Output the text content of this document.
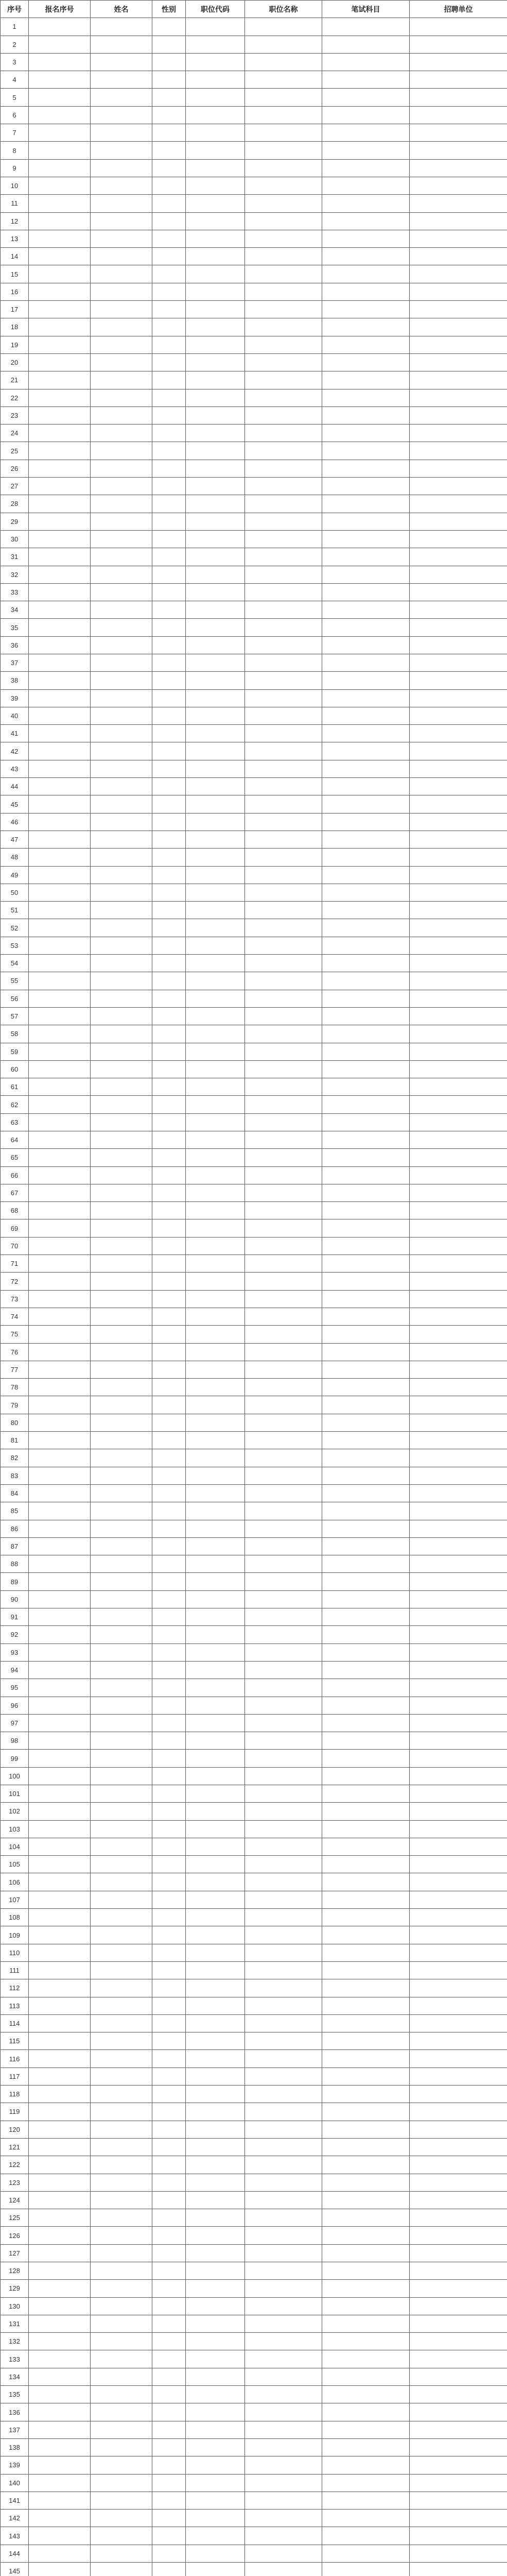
序号	报名序号	姓名	性别	职位代码	职位名称	笔试科目	招聘单位
1							
2							
3							
4							
5							
6							
7							
8							
9							
10							
11							
12							
13							
14							
15							
16							
17							
18							
19							
20							
21							
22							
23							
24							
25							
26							
27							
28							
29							
30							
31							
32							
33							
34							
35							
36							
37							
38							
39							
40							
41							
42							
43							
44							
45							
46							
47							
48							
49							
50							
51							
52							
53							
54							
55							
56							
57							
58							
59							
60							
61							
62							
63							
64							
65							
66							
67							
68							
69							
70							
71							
72							
73							
74							
75							
76							
77							
78							
79							
80							
81							
82							
83							
84							
85							
86							
87							
88							
89							
90							
91							
92							
93							
94							
95							
96							
97							
98							
99							
100							
101							
102							
103							
104							
105							
106							
107							
108							
109							
110							
111							
112							
113							
114							
115							
116							
117							
118							
119							
120							
121							
122							
123							
124							
125							
126							
127							
128							
129							
130							
131							
132							
133							
134							
135							
136							
137							
138							
139							
140							
141							
142							
143							
144							
145							
